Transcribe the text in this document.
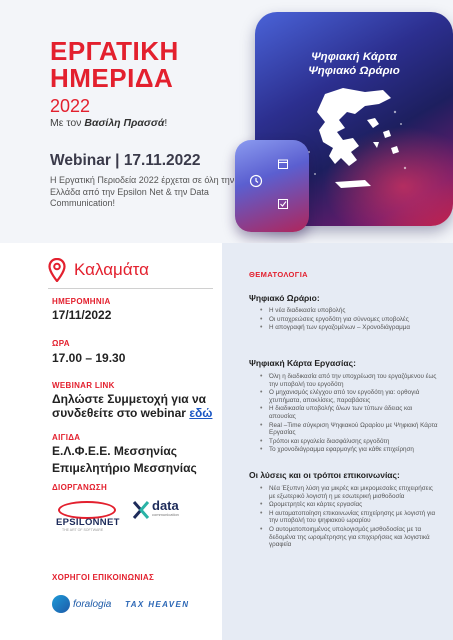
ΕΡΓΑΤΙΚΗ
ΗΜΕΡΙΔΑ
2022
Με τον Βασίλη Πρασσά!
Webinar | 17.11.2022
Η Εργατική Περιοδεία 2022 έρχεται σε όλη την Ελλάδα από την Epsilon Net & την Data Communication!
Ψηφιακή Κάρτα
Ψηφιακό Ωράριο
Καλαμάτα
ΗΜΕΡΟΜΗΝΙΑ
17/11/2022
ΩΡΑ
17.00 – 19.30
WEBINAR LINK
Δηλώστε Συμμετοχή για να συνδεθείτε στο webinar εδώ
ΑΙΓΙΔΑ
Ε.Λ.Φ.Ε.Ε. Μεσσηνίας
Επιμελητήριο Μεσσηνίας
ΔΙΟΡΓΑΝΩΣΗ
EPSILONNET
THE ART OF SOFTWARE
data
communication
ΧΟΡΗΓΟΙ ΕΠΙΚΟΙΝΩΝΙΑΣ
foralogia TAX HEAVEN
ΘΕΜΑΤΟΛΟΓΙΑ
Ψηφιακό Ωράριο:
• Η νέα διαδικασία υποβολής
• Οι υποχρεώσεις εργοδότη για σύννομες υποβολές
• Η απογραφή των εργαζομένων – Χρονοδιάγραμμα
Ψηφιακή Κάρτα Εργασίας:
• Όλη η διαδικασία από την υποχρέωση του εργαζόμενου έως την υποβολή του εργοδότη
• Ο μηχανισμός ελέγχου από τον εργοδότη για: ορθογιά χτυπήματα, αποκλίσεις, παραβάσεις
• Η διαδικασία υποβολής όλων των τύπων άδειας και απουσίας
• Real –Time σύγκριση Ψηφιακού Ωραρίου με Ψηφιακή Κάρτα Εργασίας
• Τρόποι και εργαλεία διασφάλισης εργοδότη
• Το χρονοδιάγραμμα εφαρμογής για κάθε επιχείρηση
Οι λύσεις και οι τρόποι επικοινωνίας:
• Νέα Έξυπνη λύση για μικρές και μικρομεσαίες επιχειρήσεις με εξωτερικό λογιστή η με εσωτερική μισθοδοσία
• Ωρομετρητές και κάρτες εργασίας
• Η αυτοματοποίηση επικοινωνίας επιχείρησης με λογιστή για την υποβολή του ψηφιακού ωραρίου
• Ο αυτοματοποιημένος υπολογισμός μισθοδοσίας με τα δεδομένα της ωρομέτρησης για επιχειρήσεις και λογιστικά γραφεία
